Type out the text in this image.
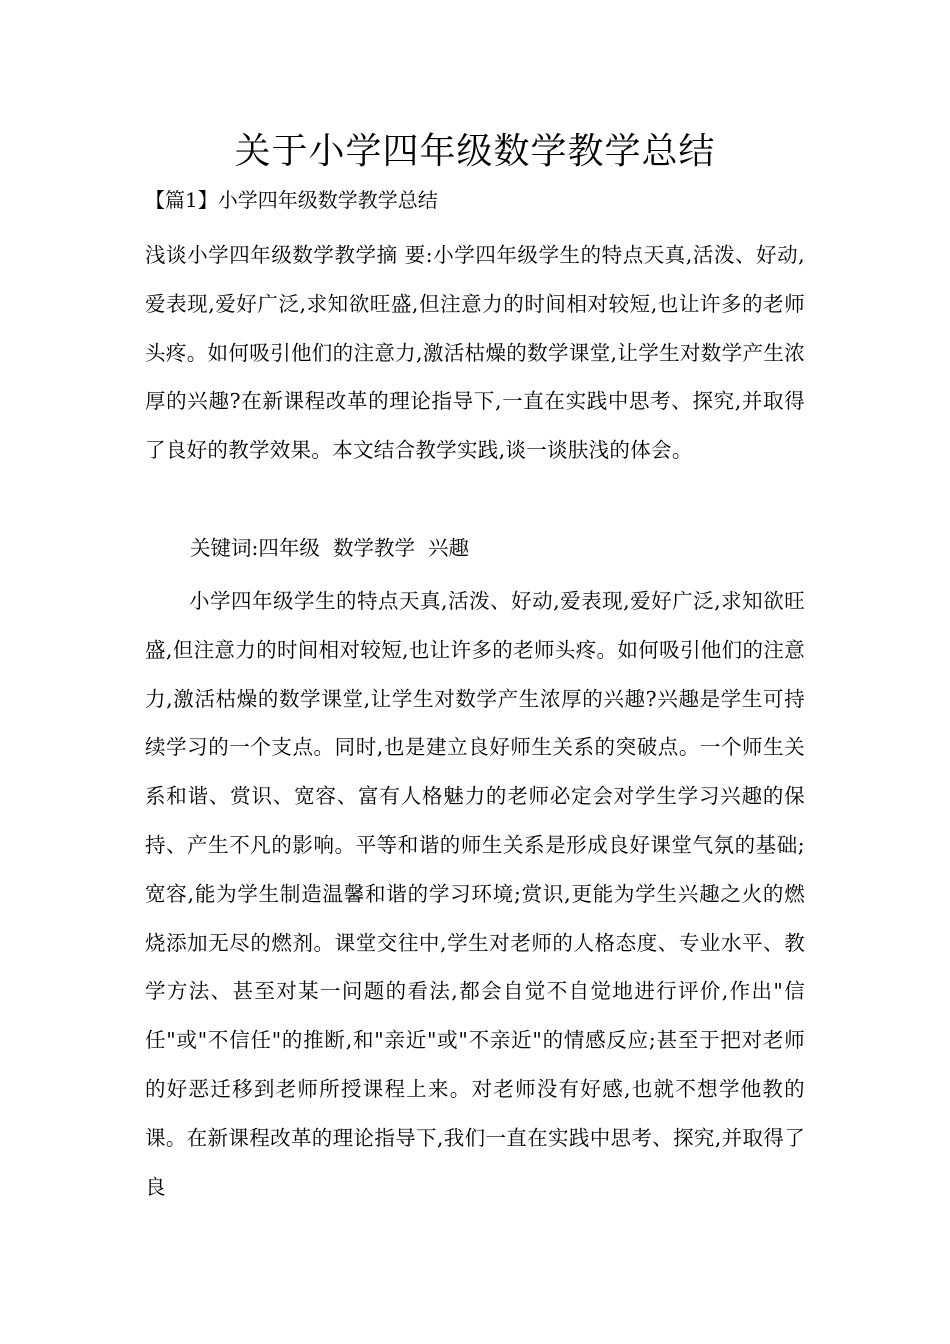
关于小学四年级数学教学总结

【篇1】小学四年级数学教学总结

浅谈小学四年级数学教学摘 要:小学四年级学生的特点天真,活泼、好动,爱表现,爱好广泛,求知欲旺盛,但注意力的时间相对较短,也让许多的老师头疼。如何吸引他们的注意力,激活枯燥的数学课堂,让学生对数学产生浓厚的兴趣?在新课程改革的理论指导下,一直在实践中思考、探究,并取得了良好的教学效果。本文结合教学实践,谈一谈肤浅的体会。

关键词:四年级  数学教学  兴趣

小学四年级学生的特点天真,活泼、好动,爱表现,爱好广泛,求知欲旺盛,但注意力的时间相对较短,也让许多的老师头疼。如何吸引他们的注意力,激活枯燥的数学课堂,让学生对数学产生浓厚的兴趣?兴趣是学生可持续学习的一个支点。同时,也是建立良好师生关系的突破点。一个师生关系和谐、赏识、宽容、富有人格魅力的老师必定会对学生学习兴趣的保持、产生不凡的影响。平等和谐的师生关系是形成良好课堂气氛的基础;宽容,能为学生制造温馨和谐的学习环境;赏识,更能为学生兴趣之火的燃烧添加无尽的燃剂。课堂交往中,学生对老师的人格态度、专业水平、教学方法、甚至对某一问题的看法,都会自觉不自觉地进行评价,作出"信任"或"不信任"的推断,和"亲近"或"不亲近"的情感反应;甚至于把对老师的好恶迁移到老师所授课程上来。对老师没有好感,也就不想学他教的课。在新课程改革的理论指导下,我们一直在实践中思考、探究,并取得了良
